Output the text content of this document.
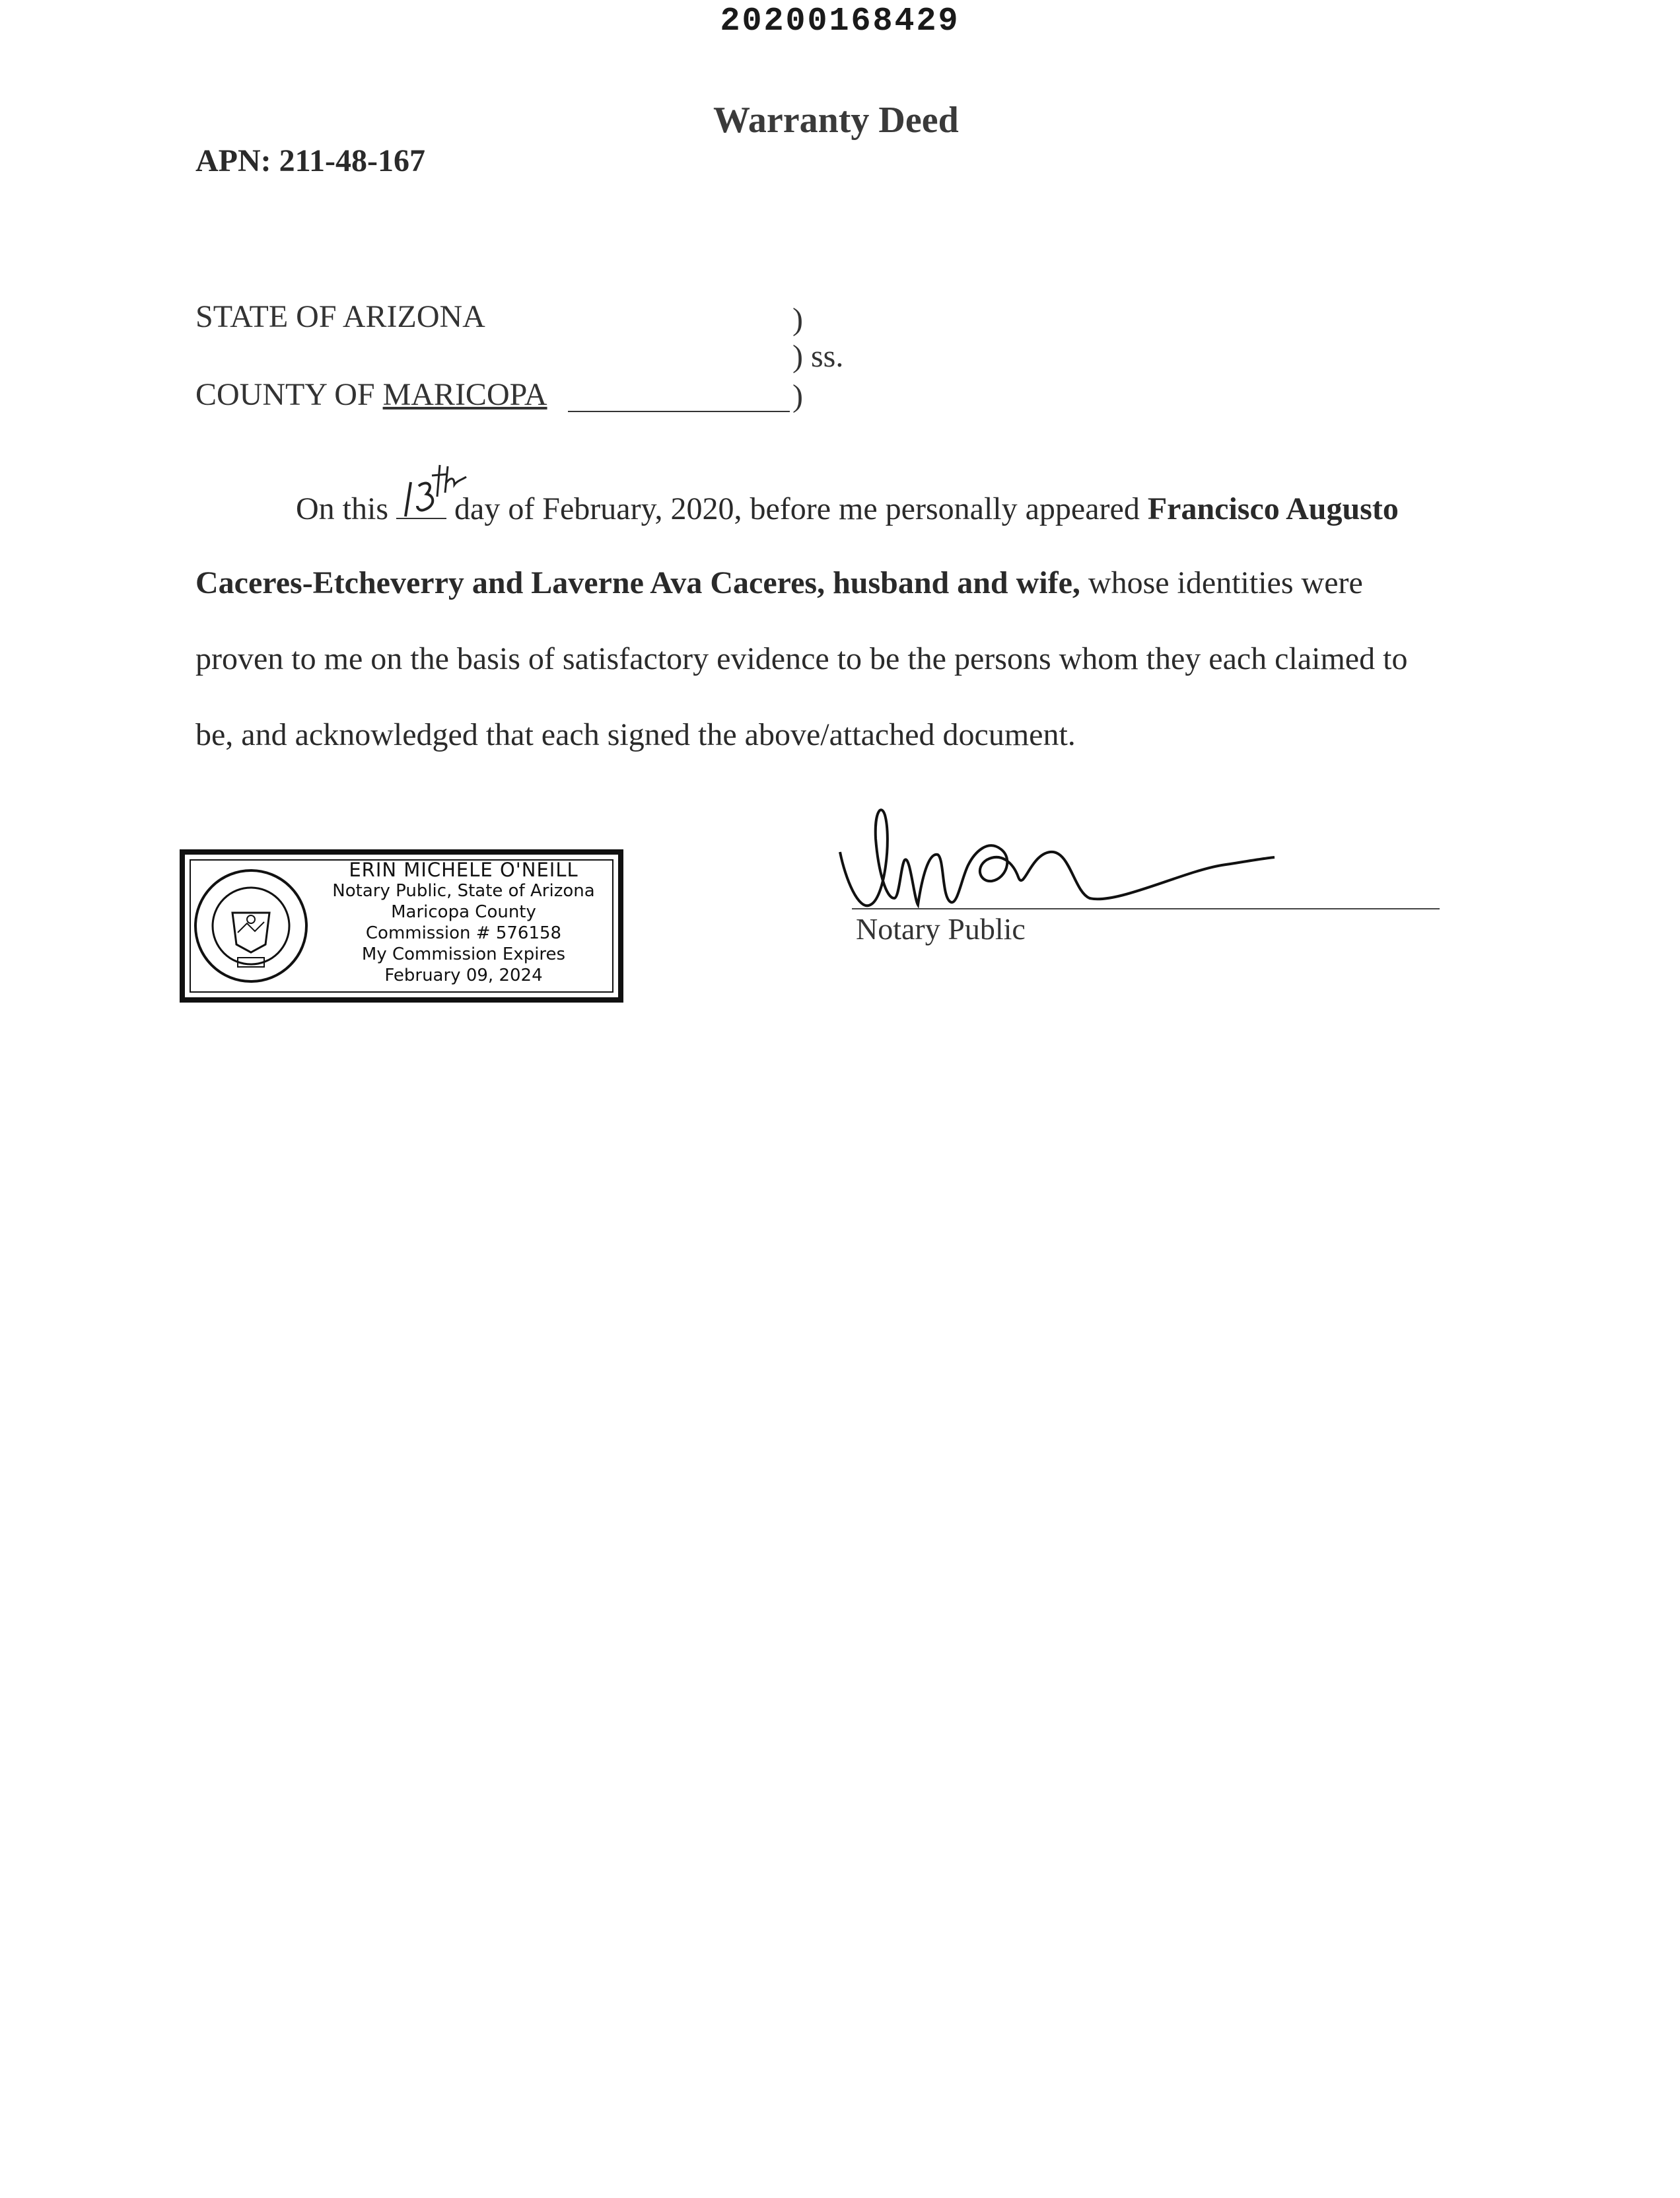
20200168429
Warranty Deed
APN: 211-48-167
STATE OF ARIZONA
COUNTY OF MARICOPA
)
) ss.
)
On this day of February, 2020, before me personally appeared Francisco Augusto
Caceres-Etcheverry and Laverne Ava Caceres, husband and wife, whose identities were
proven to me on the basis of satisfactory evidence to be the persons whom they each claimed to
be, and acknowledged that each signed the above/attached document.
ERIN MICHELE O'NEILL
Notary Public, State of Arizona
Maricopa County
Commission # 576158
My Commission Expires
February 09, 2024
Notary Public
